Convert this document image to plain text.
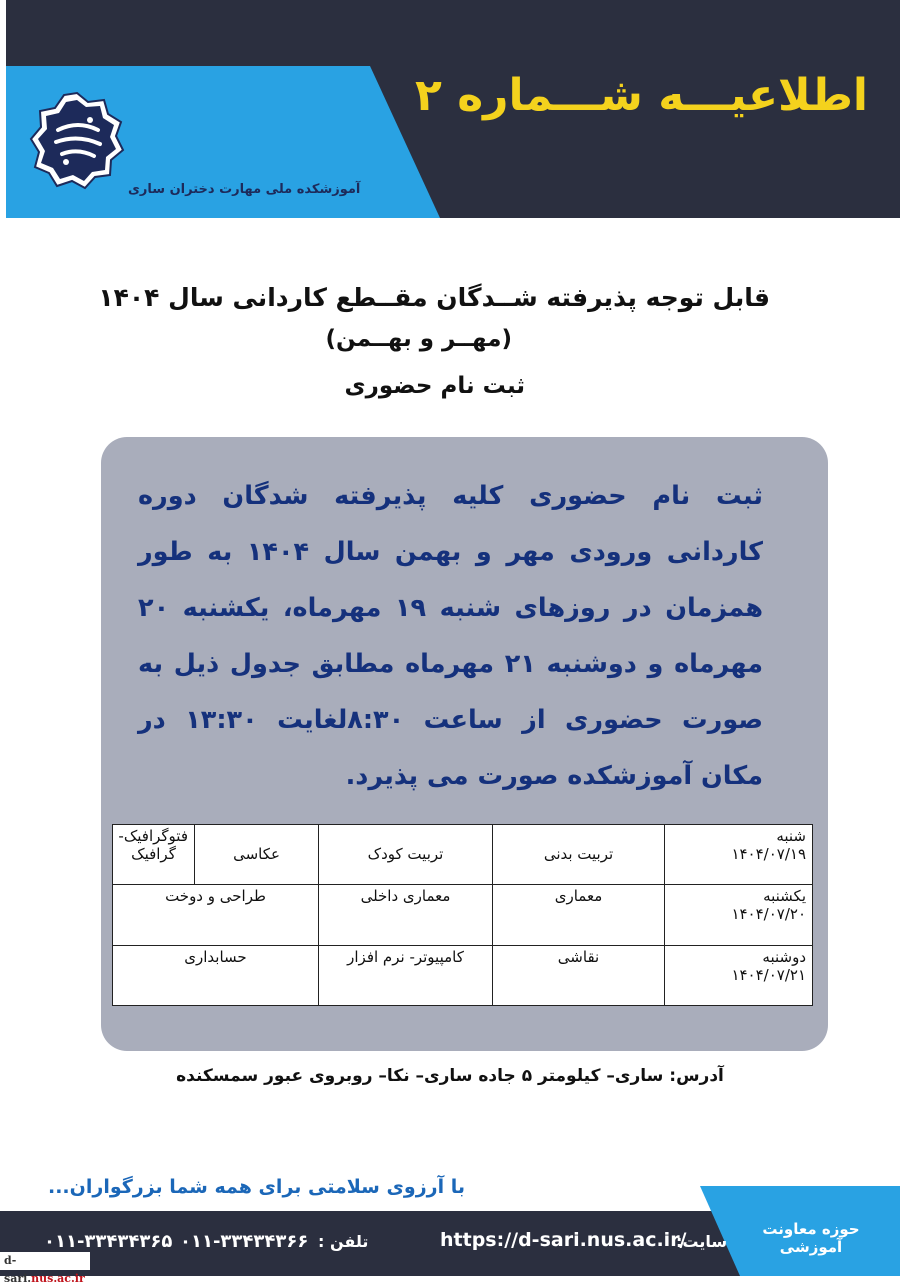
اطلاعیـــه شـــماره ۲
آموزشکده ملی مهارت دختران ساری
قابل توجه پذیرفته شــدگان مقــطع کاردانی سال ۱۴۰۴
(مهــر و بهــمن)
ثبت نام حضوری
ثبت نام حضوری کلیه پذیرفته شدگان دوره کاردانی ورودی مهر و بهمن سال ۱۴۰۴ به طور همزمان در روزهای شنبه ۱۹ مهرماه، یکشنبه ۲۰ مهرماه و دوشنبه ۲۱ مهرماه مطابق جدول ذیل به صورت حضوری از ساعت ۸:۳۰لغایت ۱۳:۳۰ در مکان آموزشکده صورت می پذیرد.
شنبه
۱۴۰۴/۰۷/۱۹	تربیت بدنی	تربیت کودک	عکاسی	فتوگرافیک- گرافیک

یکشنبه
۱۴۰۴/۰۷/۲۰	معماری	معماری داخلی	طراحی و دوخت	

دوشنبه
۱۴۰۴/۰۷/۲۱	نقاشی	کامپیوتر- نرم افزار	حسابداری	
آدرس: ساری– کیلومتر ۵ جاده ساری– نکا– روبروی عبور سمسکنده
با آرزوی سلامتی برای همه شما بزرگواران...
حوزه معاونت آموزشی
سایت:
https://d-sari.nus.ac.ir/
تلفن :
۰۱۱-۳۳۴۳۴۳۶۶
۰۱۱-۳۳۴۳۴۳۶۵
d-sari.nus.ac.ir
